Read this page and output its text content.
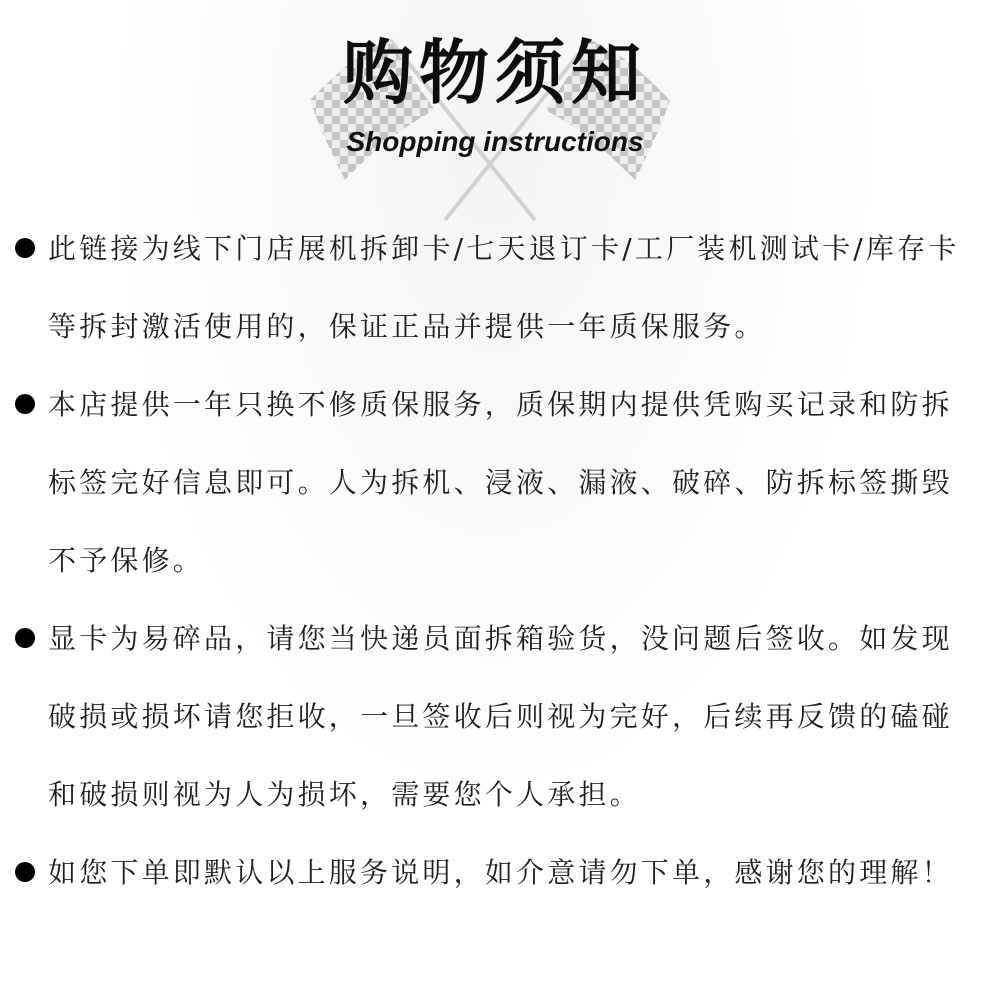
购物须知
Shopping instructions

此链接为线下门店展机拆卸卡/七天退订卡/工厂装机测试卡/库存卡等拆封激活使用的，保证正品并提供一年质保服务。

本店提供一年只换不修质保服务，质保期内提供凭购买记录和防拆标签完好信息即可。人为拆机、浸液、漏液、破碎、防拆标签撕毁不予保修。

显卡为易碎品，请您当快递员面拆箱验货，没问题后签收。如发现破损或损坏请您拒收，一旦签收后则视为完好，后续再反馈的磕碰和破损则视为人为损坏，需要您个人承担。

如您下单即默认以上服务说明，如介意请勿下单，感谢您的理解！
